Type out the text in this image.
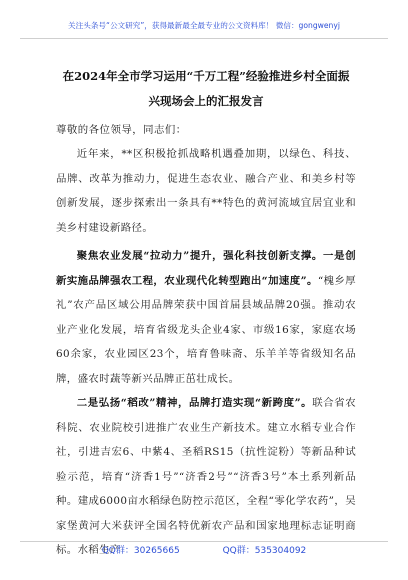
关注头条号“公文研究”，获得最新最全最专业的公文资料库！ 微信：gongwenyj

在2024年全市学习运用“千万工程”经验推进乡村全面振

兴现场会上的汇报发言

尊敬的各位领导，同志们：

近年来，**区积极抢抓战略机遇叠加期，以绿色、科技、品牌、改革为推动力，促进生态农业、融合产业、和美乡村等创新发展，逐步探索出一条具有**特色的黄河流域宜居宜业和美乡村建设新路径。

聚焦农业发展“拉动力”提升，强化科技创新支撑。一是创新实施品牌强农工程，农业现代化转型跑出“加速度”。“槐乡厚礼”农产品区域公用品牌荣获中国首届县域品牌20强。推动农业产业化发展，培育省级龙头企业4家、市级16家，家庭农场60余家，农业园区23个，培育鲁味斋、乐羊羊等省级知名品牌，盛农时蔬等新兴品牌正茁壮成长。

二是弘扬“稻改”精神，品牌打造实现“新跨度”。联合省农科院、农业院校引进推广农业生产新技术。建立水稻专业合作社，引进吉宏6、中紫4、圣稻RS15（抗性淀粉）等新品种试验示范，培育“济香1号”“济香2号”“济香3号”本土系列新品种。建成6000亩水稻绿色防控示范区，全程“零化学农药”，吴家堡黄河大米获评全国名特优新农产品和国家地理标志证明商标。水稻生产

QQ群：30265665	QQ群：535304092
